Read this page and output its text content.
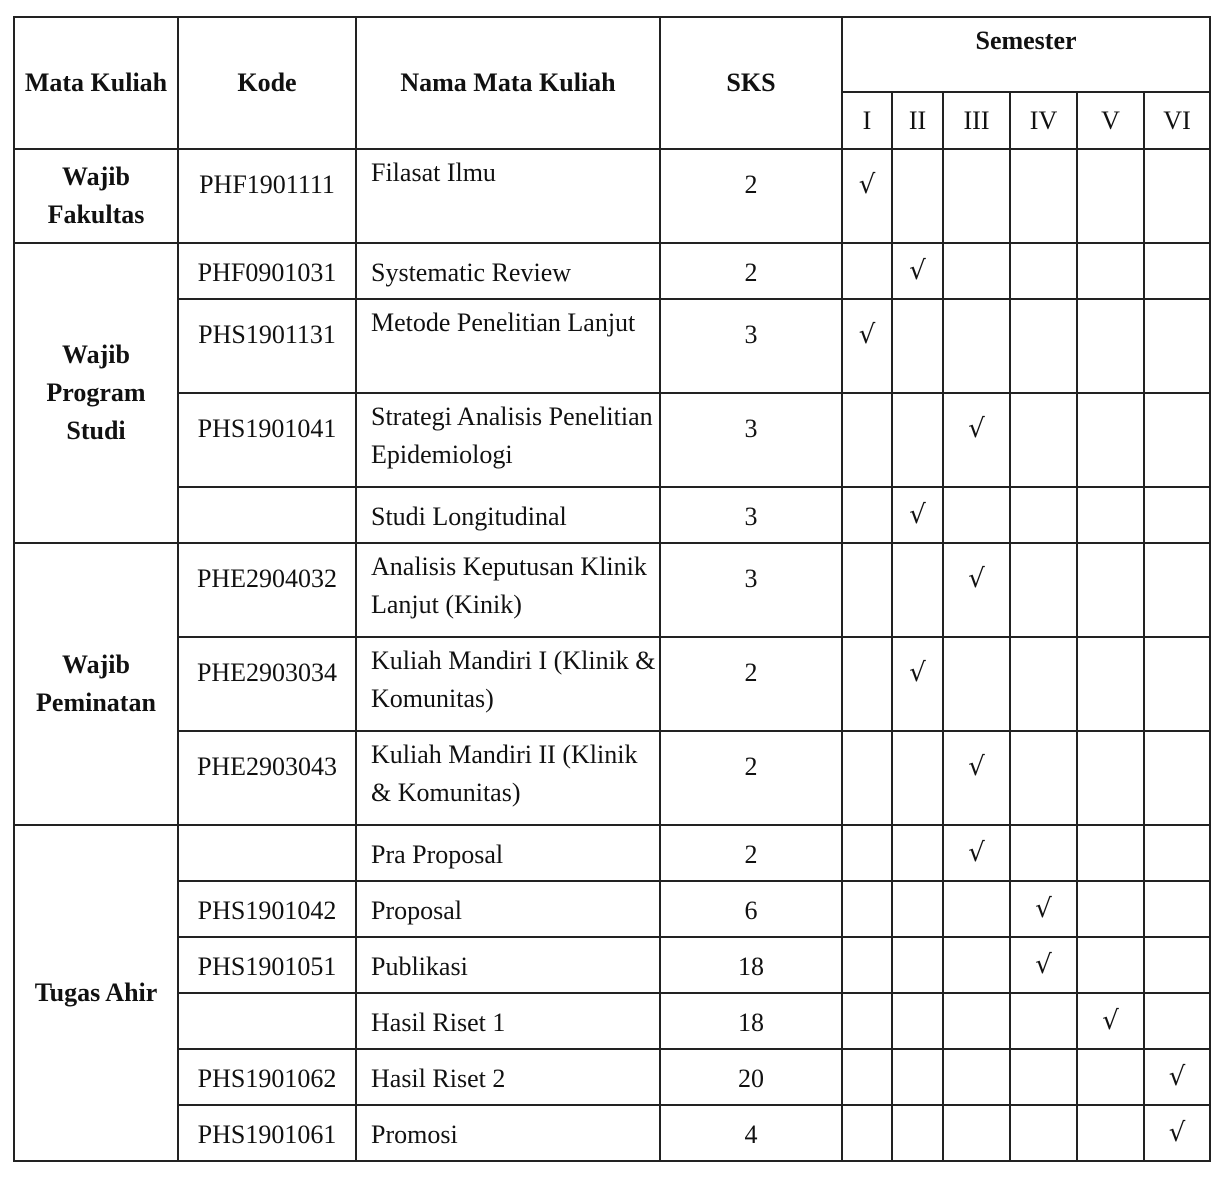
Mata Kuliah	Kode	Nama Mata Kuliah	SKS	Semester					
				I	II	III	IV	V	VI
Wajib Fakultas	PHF1901111	Filasat Ilmu	2	√					
Wajib Program Studi	PHF0901031	Systematic Review	2		√				
	PHS1901131	Metode Penelitian Lanjut	3	√					
	PHS1901041	Strategi Analisis Penelitian Epidemiologi	3			√			
		Studi Longitudinal	3		√				
Wajib Peminatan	PHE2904032	Analisis Keputusan Klinik Lanjut (Kinik)	3			√			
	PHE2903034	Kuliah Mandiri I (Klinik & Komunitas)	2		√				
	PHE2903043	Kuliah Mandiri II (Klinik & Komunitas)	2			√			
Tugas Ahir		Pra Proposal	2			√			
	PHS1901042	Proposal	6				√		
	PHS1901051	Publikasi	18				√		
		Hasil Riset 1	18					√	
	PHS1901062	Hasil Riset 2	20						√
	PHS1901061	Promosi	4						√
